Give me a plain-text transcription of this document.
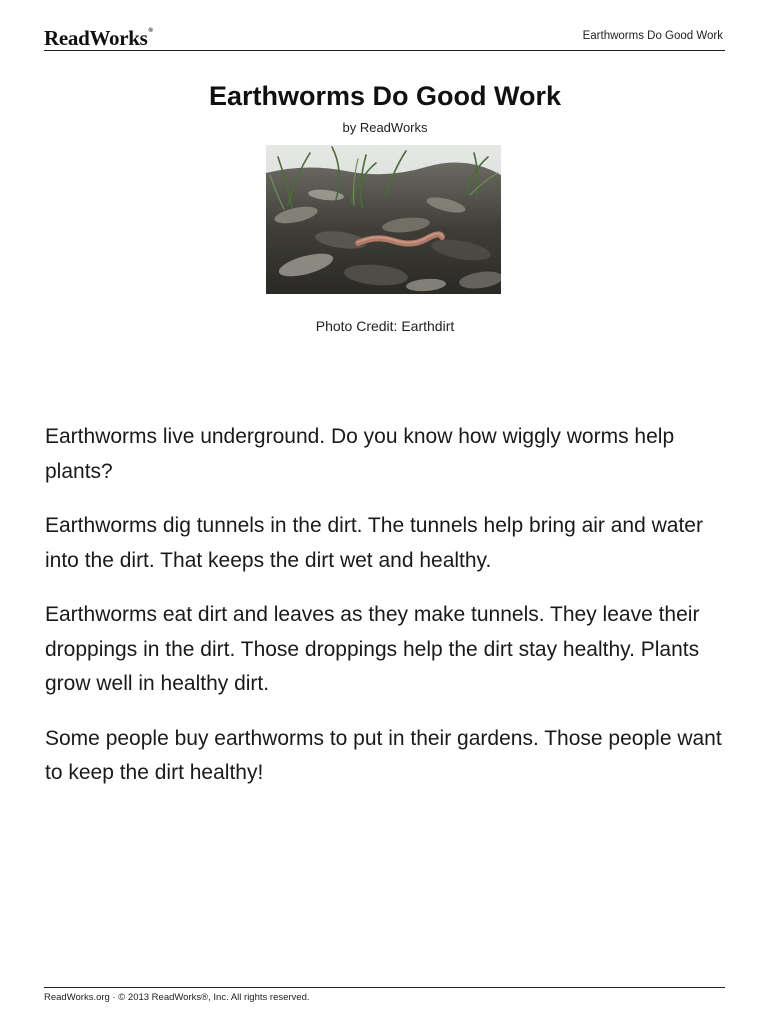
ReadWorks®	Earthworms Do Good Work
Earthworms Do Good Work
by ReadWorks
Photo Credit: Earthdirt

Earthworms live underground. Do you know how wiggly worms help plants?

Earthworms dig tunnels in the dirt. The tunnels help bring air and water into the dirt. That keeps the dirt wet and healthy.

Earthworms eat dirt and leaves as they make tunnels. They leave their droppings in the dirt. Those droppings help the dirt stay healthy. Plants grow well in healthy dirt.

Some people buy earthworms to put in their gardens. Those people want to keep the dirt healthy!

ReadWorks.org · © 2013 ReadWorks®, Inc. All rights reserved.
